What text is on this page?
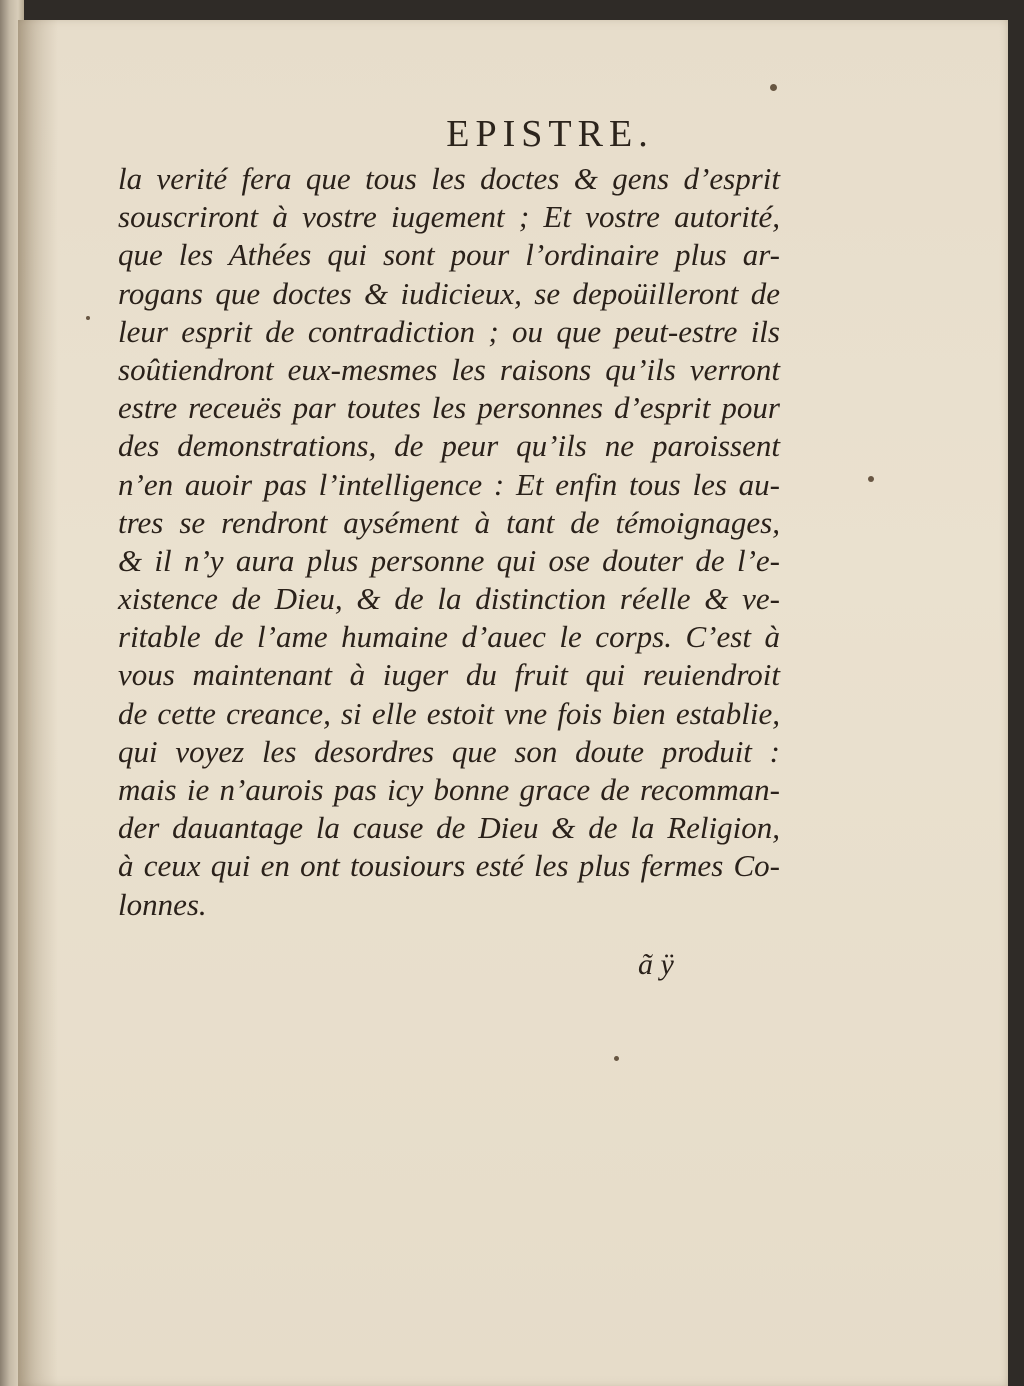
EPISTRE.
la verité fera que tous les doctes & gens d’esprit
souscriront à vostre iugement ; Et vostre autorité,
que les Athées qui sont pour l’ordinaire plus ar-
rogans que doctes & iudicieux, se depoüilleront de
leur esprit de contradiction ; ou que peut-estre ils
soûtiendront eux-mesmes les raisons qu’ils verront
estre receuës par toutes les personnes d’esprit pour
des demonstrations, de peur qu’ils ne paroissent
n’en auoir pas l’intelligence : Et enfin tous les au-
tres se rendront aysément à tant de témoignages,
& il n’y aura plus personne qui ose douter de l’e-
xistence de Dieu, & de la distinction réelle & ve-
ritable de l’ame humaine d’auec le corps. C’est à
vous maintenant à iuger du fruit qui reuiendroit
de cette creance, si elle estoit vne fois bien establie,
qui voyez les desordres que son doute produit :
mais ie n’aurois pas icy bonne grace de recomman-
der dauantage la cause de Dieu & de la Religion,
à ceux qui en ont tousiours esté les plus fermes Co-
lonnes.
ã ÿ
